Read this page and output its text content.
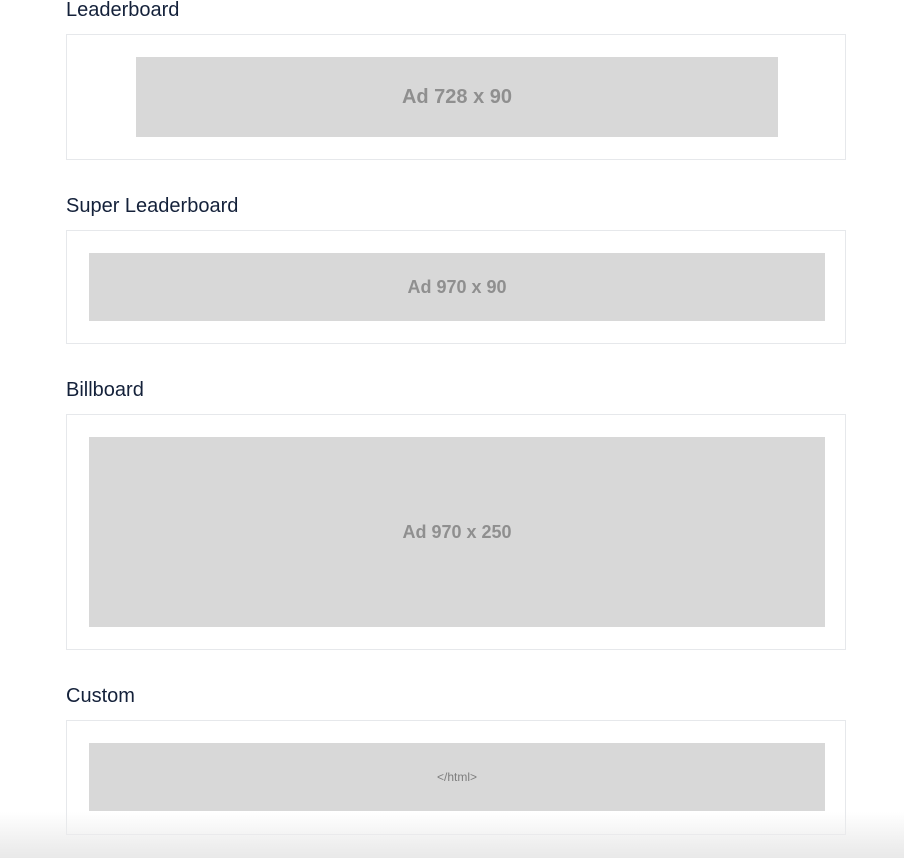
Leaderboard
Ad 728 x 90
Super Leaderboard
Ad 970 x 90
Billboard
Ad 970 x 250
Custom
</html>
